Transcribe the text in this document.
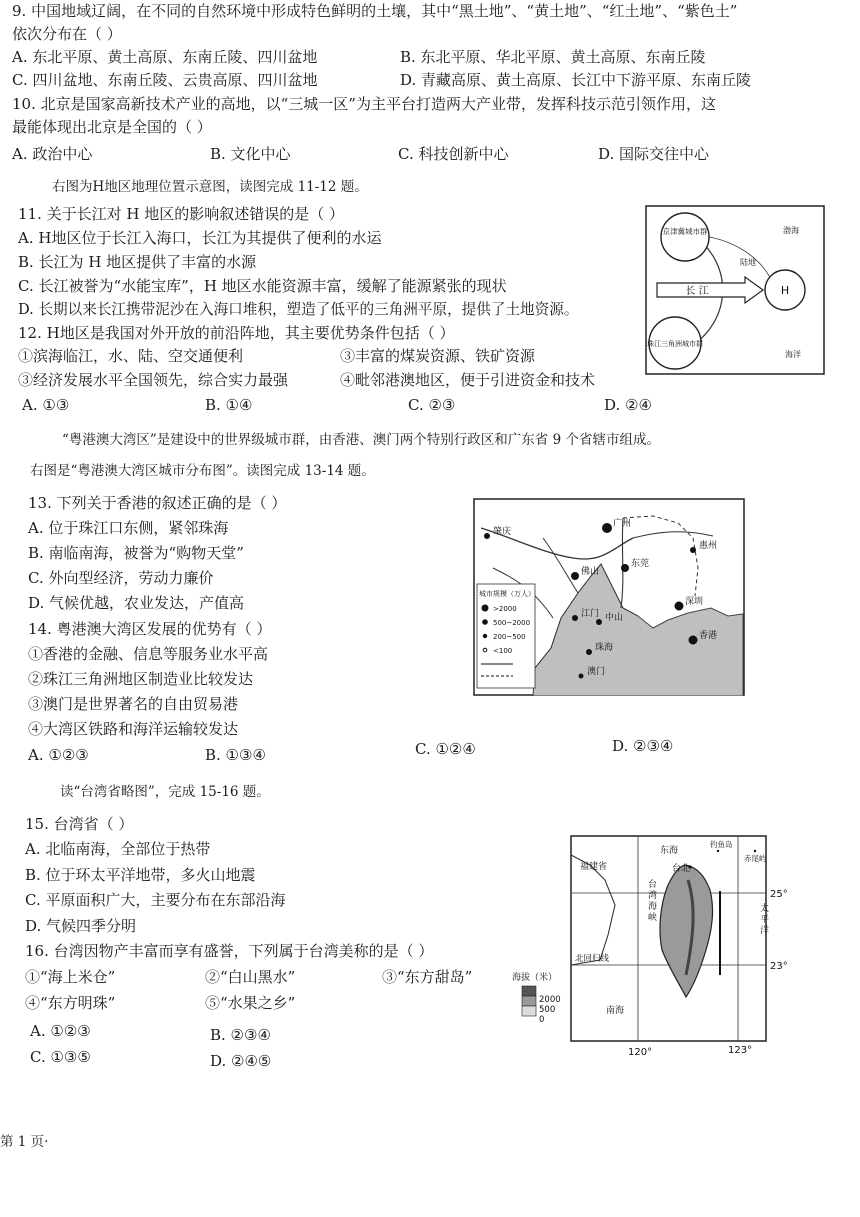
9. 中国地域辽阔，在不同的自然环境中形成特色鲜明的土壤，其中“黑土地”、“黄土地”、“红土地”、“紫色土”
依次分布在（ ）
A. 东北平原、黄土高原、东南丘陵、四川盆地	B. 东北平原、华北平原、黄土高原、东南丘陵
C. 四川盆地、东南丘陵、云贵高原、四川盆地	D. 青藏高原、黄土高原、长江中下游平原、东南丘陵
10. 北京是国家高新技术产业的高地，以“三城一区”为主平台打造两大产业带，发挥科技示范引领作用，这
最能体现出北京是全国的（ ）
A. 政治中心	B. 文化中心	C. 科技创新中心	D. 国际交往中心
右图为H地区地理位置示意图，读图完成 11-12 题。
11. 关于长江对 H 地区的影响叙述错误的是（ ）
A. H地区位于长江入海口，长江为其提供了便利的水运
B. 长江为 H 地区提供了丰富的水源
C. 长江被誉为“水能宝库”，H 地区水能资源丰富，缓解了能源紧张的现状
D. 长期以来长江携带泥沙在入海口堆积，塑造了低平的三角洲平原，提供了土地资源。
12. H地区是我国对外开放的前沿阵地，其主要优势条件包括（ ）
①滨海临江，水、陆、空交通便利	③丰富的煤炭资源、铁矿资源
③经济发展水平全国领先，综合实力最强	④毗邻港澳地区，便于引进资金和技术
A. ①③	B. ①④	C. ②③	D. ②④
京津冀城市群
珠江三角洲城市群
H
长 江
陆地
渤海
海洋
“粤港澳大湾区”是建设中的世界级城市群，由香港、澳门两个特别行政区和广东省 9 个省辖市组成。
右图是“粤港澳大湾区城市分布图”。读图完成 13-14 题。
13. 下列关于香港的叙述正确的是（ ）
A. 位于珠江口东侧，紧邻珠海
B. 南临南海，被誉为“购物天堂”
C. 外向型经济，劳动力廉价
D. 气候优越，农业发达，产值高
14. 粤港澳大湾区发展的优势有（ ）
①香港的金融、信息等服务业水平高
②珠江三角洲地区制造业比较发达
③澳门是世界著名的自由贸易港
④大湾区铁路和海洋运输较发达
A. ①②③	B. ①③④	C. ①②④	D. ②③④
城市规模（万人）
>2000
500~2000
200~500
<100
肇庆
广州
佛山
东莞
惠州
江门 中山
深圳
珠海
澳门
香港
读“台湾省略图”，完成 15-16 题。
15. 台湾省（ ）
A. 北临南海，全部位于热带
B. 位于环太平洋地带，多火山地震
C. 平原面积广大，主要分布在东部沿海
D. 气候四季分明
16. 台湾因物产丰富而享有盛誉，下列属于台湾美称的是（ ）
①“海上米仓”	②“白山黑水”	③“东方甜岛”
④“东方明珠”	⑤“水果之乡”
A. ①②③	B. ②③④
C. ①③⑤	D. ②④⑤
海拔（米）
2000
500
0
福建省
东海
钓鱼岛
赤尾屿
台北
北回归线
南海
25°
23°
120°	123°
台湾海峡
太平洋
第 1 页·
